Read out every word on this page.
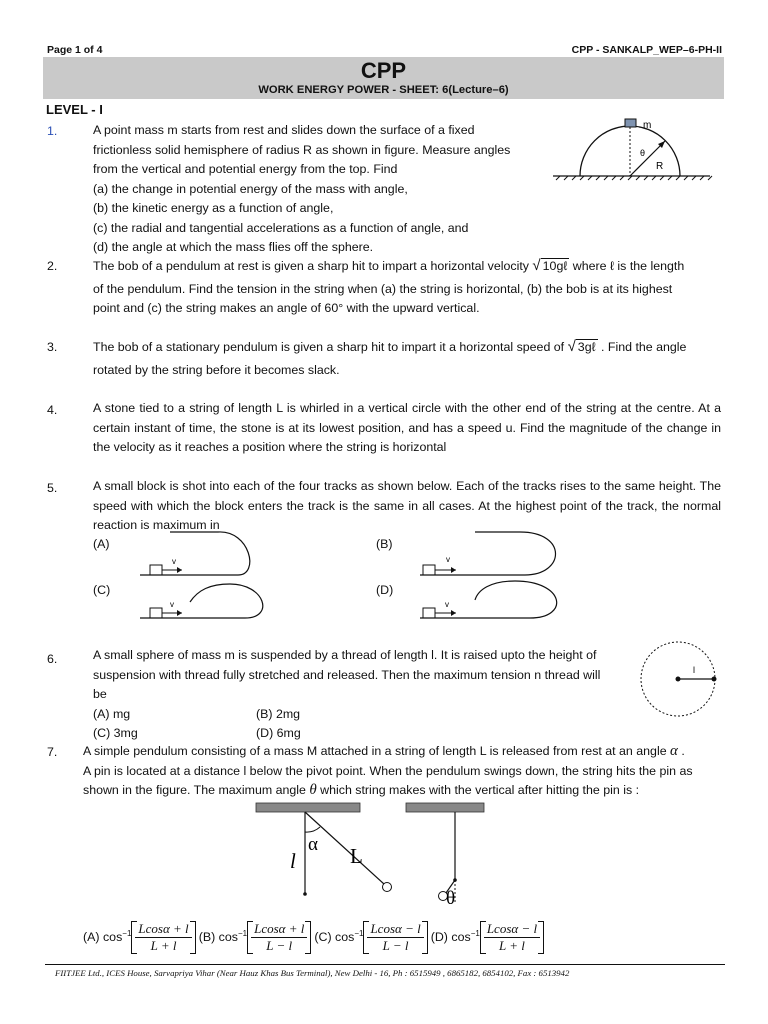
Page 1 of 4	CPP - SANKALP_WEP–6-PH-II
CPP
WORK ENERGY POWER - SHEET: 6(Lecture–6)
LEVEL - I
1.	A point mass m starts from rest and slides down the surface of a fixed

frictionless solid hemisphere of radius R as shown in figure. Measure angles

from the vertical and potential energy from the top. Find

(a) the change in potential energy of the mass with angle,

(b) the kinetic energy as a function of angle,

(c) the radial and tangential accelerations as a function of angle, and

(d) the angle at which the mass flies off the sphere.

m
θ
R
2.	The bob of a pendulum at rest is given a sharp hit to impart a horizontal velocity √ 10gℓ where ℓ is the length

of the pendulum. Find the tension in the string when (a) the string is horizontal, (b) the bob is at its highest

point and (c) the string makes an angle of 60° with the upward vertical.

3.	The bob of a stationary pendulum is given a sharp hit to impart it a horizontal speed of √ 3gℓ . Find the angle

rotated by the string before it becomes slack.

4.	A stone tied to a string of length L is whirled in a vertical circle with the other end of the string at the centre. At a certain instant of time, the stone is at its lowest position, and has a speed u. Find the magnitude of the change in the velocity as it reaches a position where the string is horizontal
5.	A small block is shot into each of the four tracks as shown below. Each of the tracks rises to the same height. The speed with which the block enters the track is the same in all cases. At the highest point of the track, the normal reaction is maximum in
(A)	(B)
(C)	(D)
v	v
v	v
6.	A small sphere of mass m is suspended by a thread of length l. It is raised upto the height of

suspension with thread fully stretched and released. Then the maximum tension n thread will

be

(A) mg	(B) 2mg
(C) 3mg	(D) 6mg
l
7. A simple pendulum consisting of a mass M attached in a string of length L is released from rest at an angle α .

A pin is located at a distance l below the pivot point. When the pendulum swings down, the string hits the pin as

shown in the figure. The maximum angle θ which string makes with the vertical after hitting the pin is :

α L
l
θ
(A)
$\cos^{-1} \frac{Lcos\alpha + l}{L + l} (B)$
$\cos^{-1} \frac{Lcos\alpha + l}{L - l} (C)$
$\cos^{-1} \frac{Lcos\alpha - l}{L - l} (D)$
$\cos^{-1} \frac{Lcos\alpha - l}{L + l}$
FIITJEE Ltd., ICES House, Sarvapriya Vihar (Near Hauz Khas Bus Terminal), New Delhi - 16, Ph : 6515949 , 6865182, 6854102, Fax : 6513942
